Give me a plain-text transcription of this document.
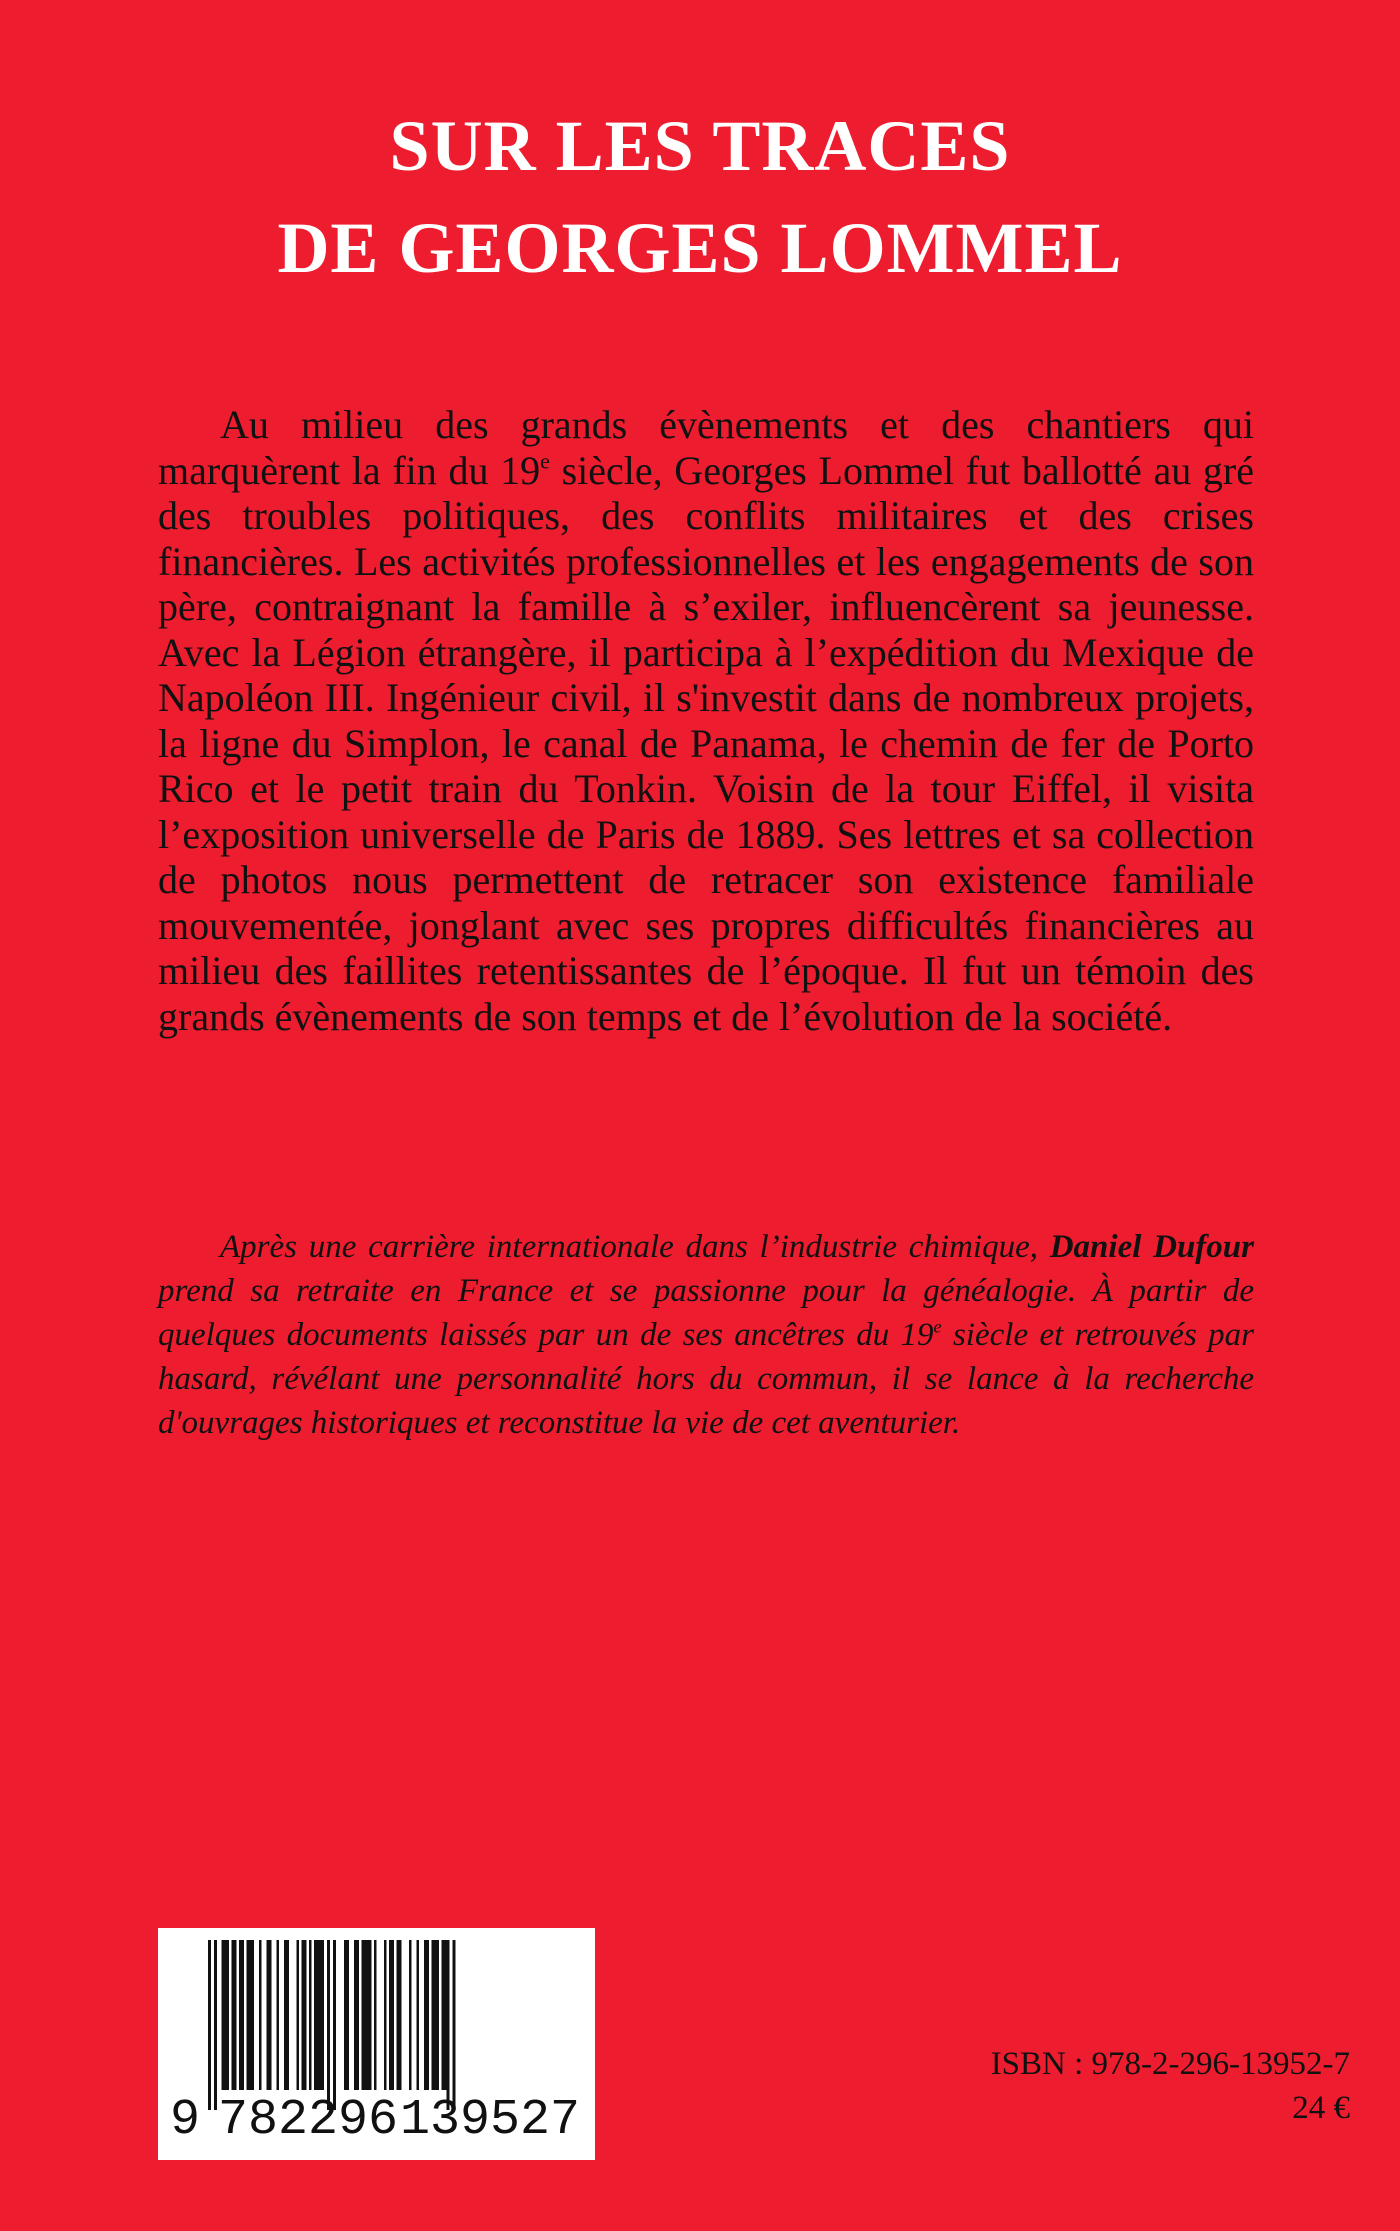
SUR LES TRACES
DE GEORGES LOMMEL

Au milieu des grands évènements et des chantiers qui marquèrent la fin du 19e siècle, Georges Lommel fut ballotté au gré des troubles politiques, des conflits militaires et des crises financières. Les activités professionnelles et les engagements de son père, contraignant la famille à s’exiler, influencèrent sa jeunesse. Avec la Légion étrangère, il participa à l’expédition du Mexique de Napoléon III. Ingénieur civil, il s'investit dans de nombreux projets, la ligne du Simplon, le canal de Panama, le chemin de fer de Porto Rico et le petit train du Tonkin. Voisin de la tour Eiffel, il visita l’exposition universelle de Paris de 1889. Ses lettres et sa collection de photos nous permettent de retracer son existence familiale mouvementée, jonglant avec ses propres difficultés financières au milieu des faillites retentissantes de l’époque. Il fut un témoin des grands évènements de son temps et de l’évolution de la société.

Après une carrière internationale dans l’industrie chimique, Daniel Dufour prend sa retraite en France et se passionne pour la généalogie. À partir de quelques documents laissés par un de ses ancêtres du 19e siècle et retrouvés par hasard, révélant une personnalité hors du commun, il se lance à la recherche d'ouvrages historiques et reconstitue la vie de cet aventurier.

9 782296 139527
ISBN : 978-2-296-13952-7
24 €
